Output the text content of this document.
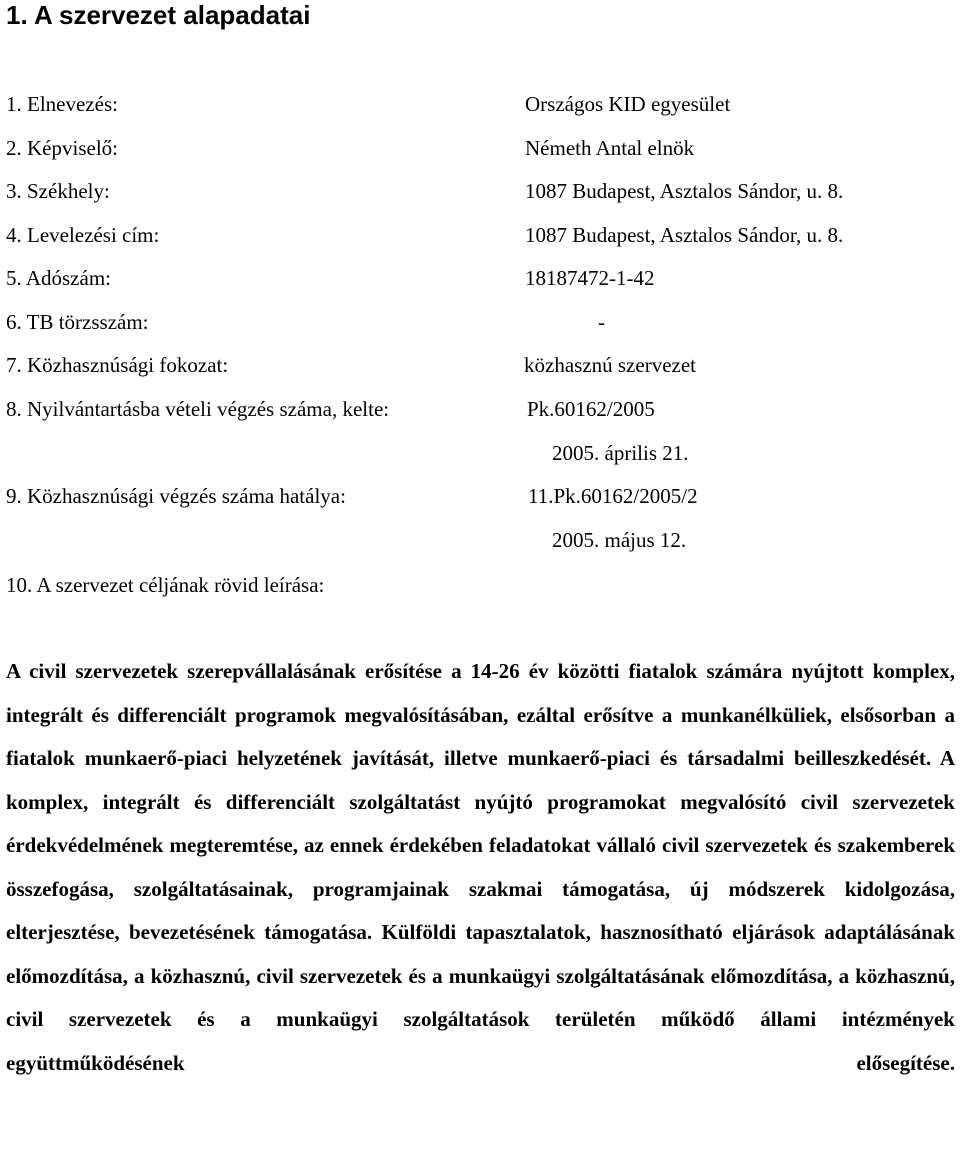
1. A szervezet alapadatai
1. Elnevezés:	Országos KID egyesület
2. Képviselő:	Németh Antal elnök
3. Székhely:	1087 Budapest, Asztalos Sándor, u. 8.
4. Levelezési cím:	1087 Budapest, Asztalos Sándor, u. 8.
5. Adószám:	18187472-1-42
6. TB törzsszám:	-
7. Közhasznúsági fokozat:	közhasznú szervezet
8. Nyilvántartásba vételi végzés száma, kelte:	Pk.60162/2005
2005. április 21.
9. Közhasznúsági végzés száma hatálya:	11.Pk.60162/2005/2
2005. május 12.
10. A szervezet céljának rövid leírása:

A civil szervezetek szerepvállalásának erősítése a 14-26 év közötti fiatalok számára nyújtott komplex, integrált és differenciált programok megvalósításában, ezáltal erősítve a munkanélküliek, elsősorban a fiatalok munkaerő-piaci helyzetének javítását, illetve munkaerő-piaci és társadalmi beilleszkedését. A komplex, integrált és differenciált szolgáltatást nyújtó programokat megvalósító civil szervezetek érdekvédelmének megteremtése, az ennek érdekében feladatokat vállaló civil szervezetek és szakemberek összefogása, szolgáltatásainak, programjainak szakmai támogatása, új módszerek kidolgozása, elterjesztése, bevezetésének támogatása. Külföldi tapasztalatok, hasznosítható eljárások adaptálásának előmozdítása, a közhasznú, civil szervezetek és a munkaügyi szolgáltatásának előmozdítása, a közhasznú, civil szervezetek és a munkaügyi szolgáltatások területén működő állami intézmények együttműködésének elősegítése.
